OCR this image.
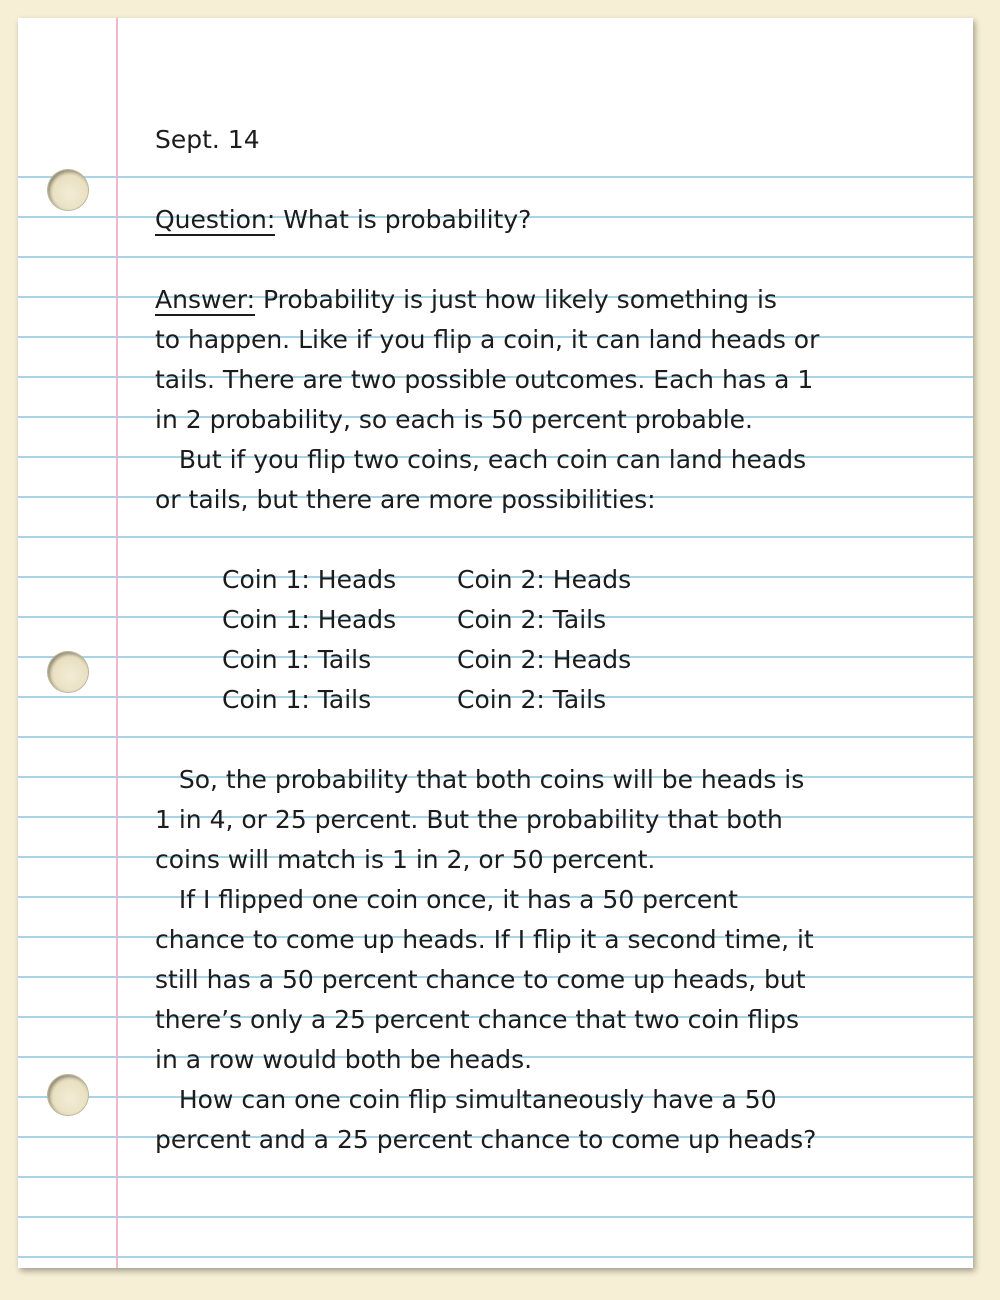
Sept. 14
Question: What is probability?
Answer: Probability is just how likely something is
to happen. Like if you flip a coin, it can land heads or
tails. There are two possible outcomes. Each has a 1
in 2 probability, so each is 50 percent probable.
But if you flip two coins, each coin can land heads
or tails, but there are more possibilities:
Coin 1: Heads	Coin 2: Heads
Coin 1: Heads	Coin 2: Tails
Coin 1: Tails	Coin 2: Heads
Coin 1: Tails	Coin 2: Tails
So, the probability that both coins will be heads is
1 in 4, or 25 percent. But the probability that both
coins will match is 1 in 2, or 50 percent.
If I flipped one coin once, it has a 50 percent
chance to come up heads. If I flip it a second time, it
still has a 50 percent chance to come up heads, but
there’s only a 25 percent chance that two coin flips
in a row would both be heads.
How can one coin flip simultaneously have a 50
percent and a 25 percent chance to come up heads?
